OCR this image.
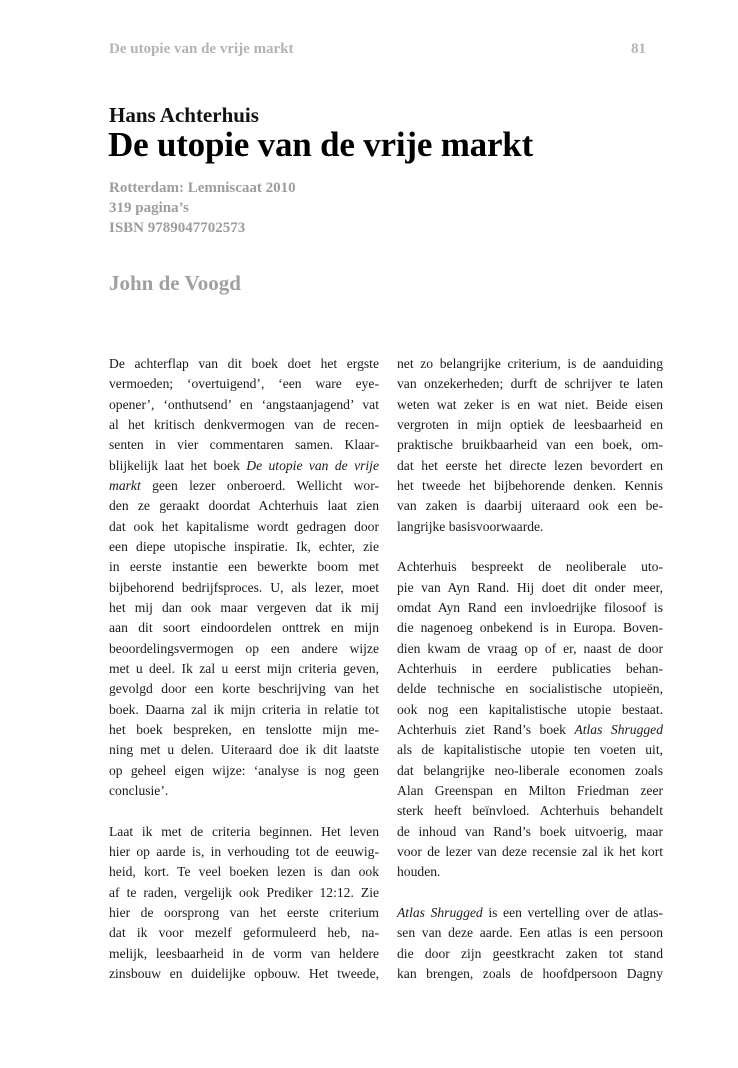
De utopie van de vrije markt	81
Hans Achterhuis
De utopie van de vrije markt
Rotterdam: Lemniscaat 2010
319 pagina’s
ISBN 9789047702573
John de Voogd
De achterflap van dit boek doet het ergste
vermoeden; ‘overtuigend’, ‘een ware eye-
opener’, ‘onthutsend’ en ‘angstaanjagend’ vat
al het kritisch denkvermogen van de recen-
senten in vier commentaren samen. Klaar-
blijkelijk laat het boek De utopie van de vrije
markt geen lezer onberoerd. Wellicht wor-
den ze geraakt doordat Achterhuis laat zien
dat ook het kapitalisme wordt gedragen door
een diepe utopische inspiratie. Ik, echter, zie
in eerste instantie een bewerkte boom met
bijbehorend bedrijfsproces. U, als lezer, moet
het mij dan ook maar vergeven dat ik mij
aan dit soort eindoordelen onttrek en mijn
beoordelingsvermogen op een andere wijze
met u deel. Ik zal u eerst mijn criteria geven,
gevolgd door een korte beschrijving van het
boek. Daarna zal ik mijn criteria in relatie tot
het boek bespreken, en tenslotte mijn me-
ning met u delen. Uiteraard doe ik dit laatste
op geheel eigen wijze: ‘analyse is nog geen
conclusie’.
Laat ik met de criteria beginnen. Het leven
hier op aarde is, in verhouding tot de eeuwig-
heid, kort. Te veel boeken lezen is dan ook
af te raden, vergelijk ook Prediker 12:12. Zie
hier de oorsprong van het eerste criterium
dat ik voor mezelf geformuleerd heb, na-
melijk, leesbaarheid in de vorm van heldere
zinsbouw en duidelijke opbouw. Het tweede,
net zo belangrijke criterium, is de aanduiding
van onzekerheden; durft de schrijver te laten
weten wat zeker is en wat niet. Beide eisen
vergroten in mijn optiek de leesbaarheid en
praktische bruikbaarheid van een boek, om-
dat het eerste het directe lezen bevordert en
het tweede het bijbehorende denken. Kennis
van zaken is daarbij uiteraard ook een be-
langrijke basisvoorwaarde.
Achterhuis bespreekt de neoliberale uto-
pie van Ayn Rand. Hij doet dit onder meer,
omdat Ayn Rand een invloedrijke filosoof is
die nagenoeg onbekend is in Europa. Boven-
dien kwam de vraag op of er, naast de door
Achterhuis in eerdere publicaties behan-
delde technische en socialistische utopieën,
ook nog een kapitalistische utopie bestaat.
Achterhuis ziet Rand’s boek Atlas Shrugged
als de kapitalistische utopie ten voeten uit,
dat belangrijke neo-liberale economen zoals
Alan Greenspan en Milton Friedman zeer
sterk heeft beïnvloed. Achterhuis behandelt
de inhoud van Rand’s boek uitvoerig, maar
voor de lezer van deze recensie zal ik het kort
houden.
Atlas Shrugged is een vertelling over de atlas-
sen van deze aarde. Een atlas is een persoon
die door zijn geestkracht zaken tot stand
kan brengen, zoals de hoofdpersoon Dagny
